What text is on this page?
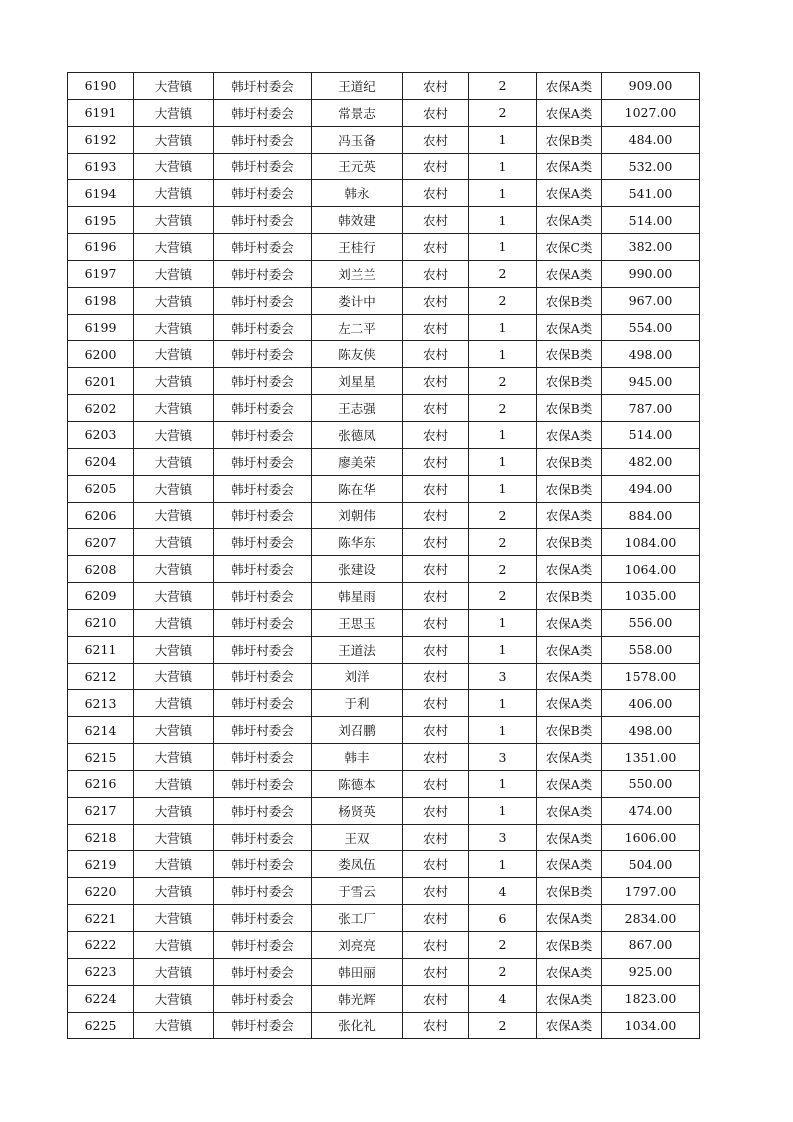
6190	大营镇	韩圩村委会	王道纪	农村	2	农保A类	909.00
6191	大营镇	韩圩村委会	常景志	农村	2	农保A类	1027.00
6192	大营镇	韩圩村委会	冯玉备	农村	1	农保B类	484.00
6193	大营镇	韩圩村委会	王元英	农村	1	农保A类	532.00
6194	大营镇	韩圩村委会	韩永	农村	1	农保A类	541.00
6195	大营镇	韩圩村委会	韩效建	农村	1	农保A类	514.00
6196	大营镇	韩圩村委会	王桂行	农村	1	农保C类	382.00
6197	大营镇	韩圩村委会	刘兰兰	农村	2	农保A类	990.00
6198	大营镇	韩圩村委会	娄计中	农村	2	农保B类	967.00
6199	大营镇	韩圩村委会	左二平	农村	1	农保A类	554.00
6200	大营镇	韩圩村委会	陈友侠	农村	1	农保B类	498.00
6201	大营镇	韩圩村委会	刘星星	农村	2	农保B类	945.00
6202	大营镇	韩圩村委会	王志强	农村	2	农保B类	787.00
6203	大营镇	韩圩村委会	张德凤	农村	1	农保A类	514.00
6204	大营镇	韩圩村委会	廖美荣	农村	1	农保B类	482.00
6205	大营镇	韩圩村委会	陈在华	农村	1	农保B类	494.00
6206	大营镇	韩圩村委会	刘朝伟	农村	2	农保A类	884.00
6207	大营镇	韩圩村委会	陈华东	农村	2	农保B类	1084.00
6208	大营镇	韩圩村委会	张建设	农村	2	农保A类	1064.00
6209	大营镇	韩圩村委会	韩星雨	农村	2	农保B类	1035.00
6210	大营镇	韩圩村委会	王思玉	农村	1	农保A类	556.00
6211	大营镇	韩圩村委会	王道法	农村	1	农保A类	558.00
6212	大营镇	韩圩村委会	刘洋	农村	3	农保A类	1578.00
6213	大营镇	韩圩村委会	于利	农村	1	农保A类	406.00
6214	大营镇	韩圩村委会	刘召鹏	农村	1	农保B类	498.00
6215	大营镇	韩圩村委会	韩丰	农村	3	农保A类	1351.00
6216	大营镇	韩圩村委会	陈德本	农村	1	农保A类	550.00
6217	大营镇	韩圩村委会	杨贤英	农村	1	农保A类	474.00
6218	大营镇	韩圩村委会	王双	农村	3	农保A类	1606.00
6219	大营镇	韩圩村委会	娄凤伍	农村	1	农保A类	504.00
6220	大营镇	韩圩村委会	于雪云	农村	4	农保B类	1797.00
6221	大营镇	韩圩村委会	张工厂	农村	6	农保A类	2834.00
6222	大营镇	韩圩村委会	刘亮亮	农村	2	农保B类	867.00
6223	大营镇	韩圩村委会	韩田丽	农村	2	农保A类	925.00
6224	大营镇	韩圩村委会	韩光辉	农村	4	农保A类	1823.00
6225	大营镇	韩圩村委会	张化礼	农村	2	农保A类	1034.00
